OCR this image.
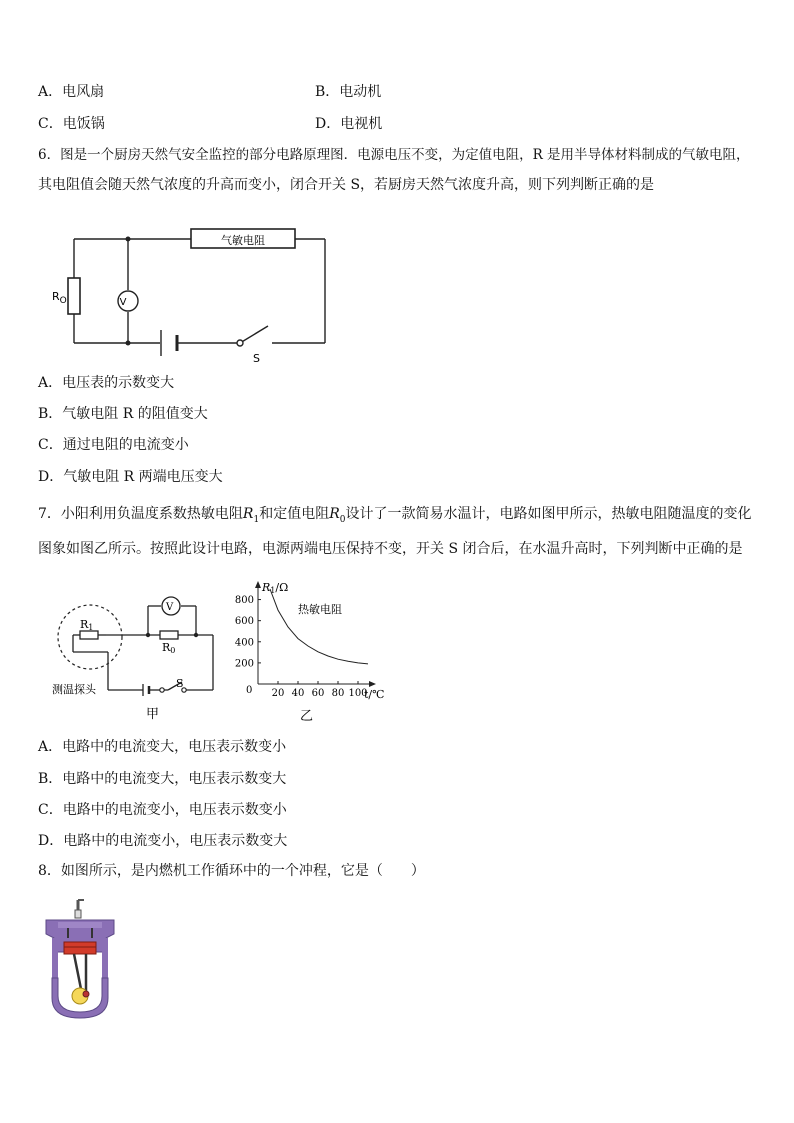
A．电风扇	B．电动机
C．电饭锅	D．电视机
6．图是一个厨房天然气安全监控的部分电路原理图．电源电压不变，为定值电阻，R 是用半导体材料制成的气敏电阻，
其电阻值会随天然气浓度的升高而变小，闭合开关 S，若厨房天然气浓度升高，则下列判断正确的是
气敏电阻
V
$R_O$
S
A．电压表的示数变大
B．气敏电阻 R 的阻值变大
C．通过电阻的电流变小
D．气敏电阻 R 两端电压变大
7．小阳利用负温度系数热敏电阻$R_1$和定值电阻$R_0$设计了一款简易水温计，电路如图甲所示，热敏电阻随温度的变化
图象如图乙所示。按照此设计电路，电源两端电压保持不变，开关 S 闭合后，在水温升高时，下列判断中正确的是
V
R1
R0
S
测温探头
甲
20 40 60 80 100
200
400
600
800
R1/Ω
热敏电阻
t/℃
0
乙
A．电路中的电流变大，电压表示数变小
B．电路中的电流变大，电压表示数变大
C．电路中的电流变小，电压表示数变小
D．电路中的电流变小，电压表示数变大
8．如图所示，是内燃机工作循环中的一个冲程，它是（　　）
